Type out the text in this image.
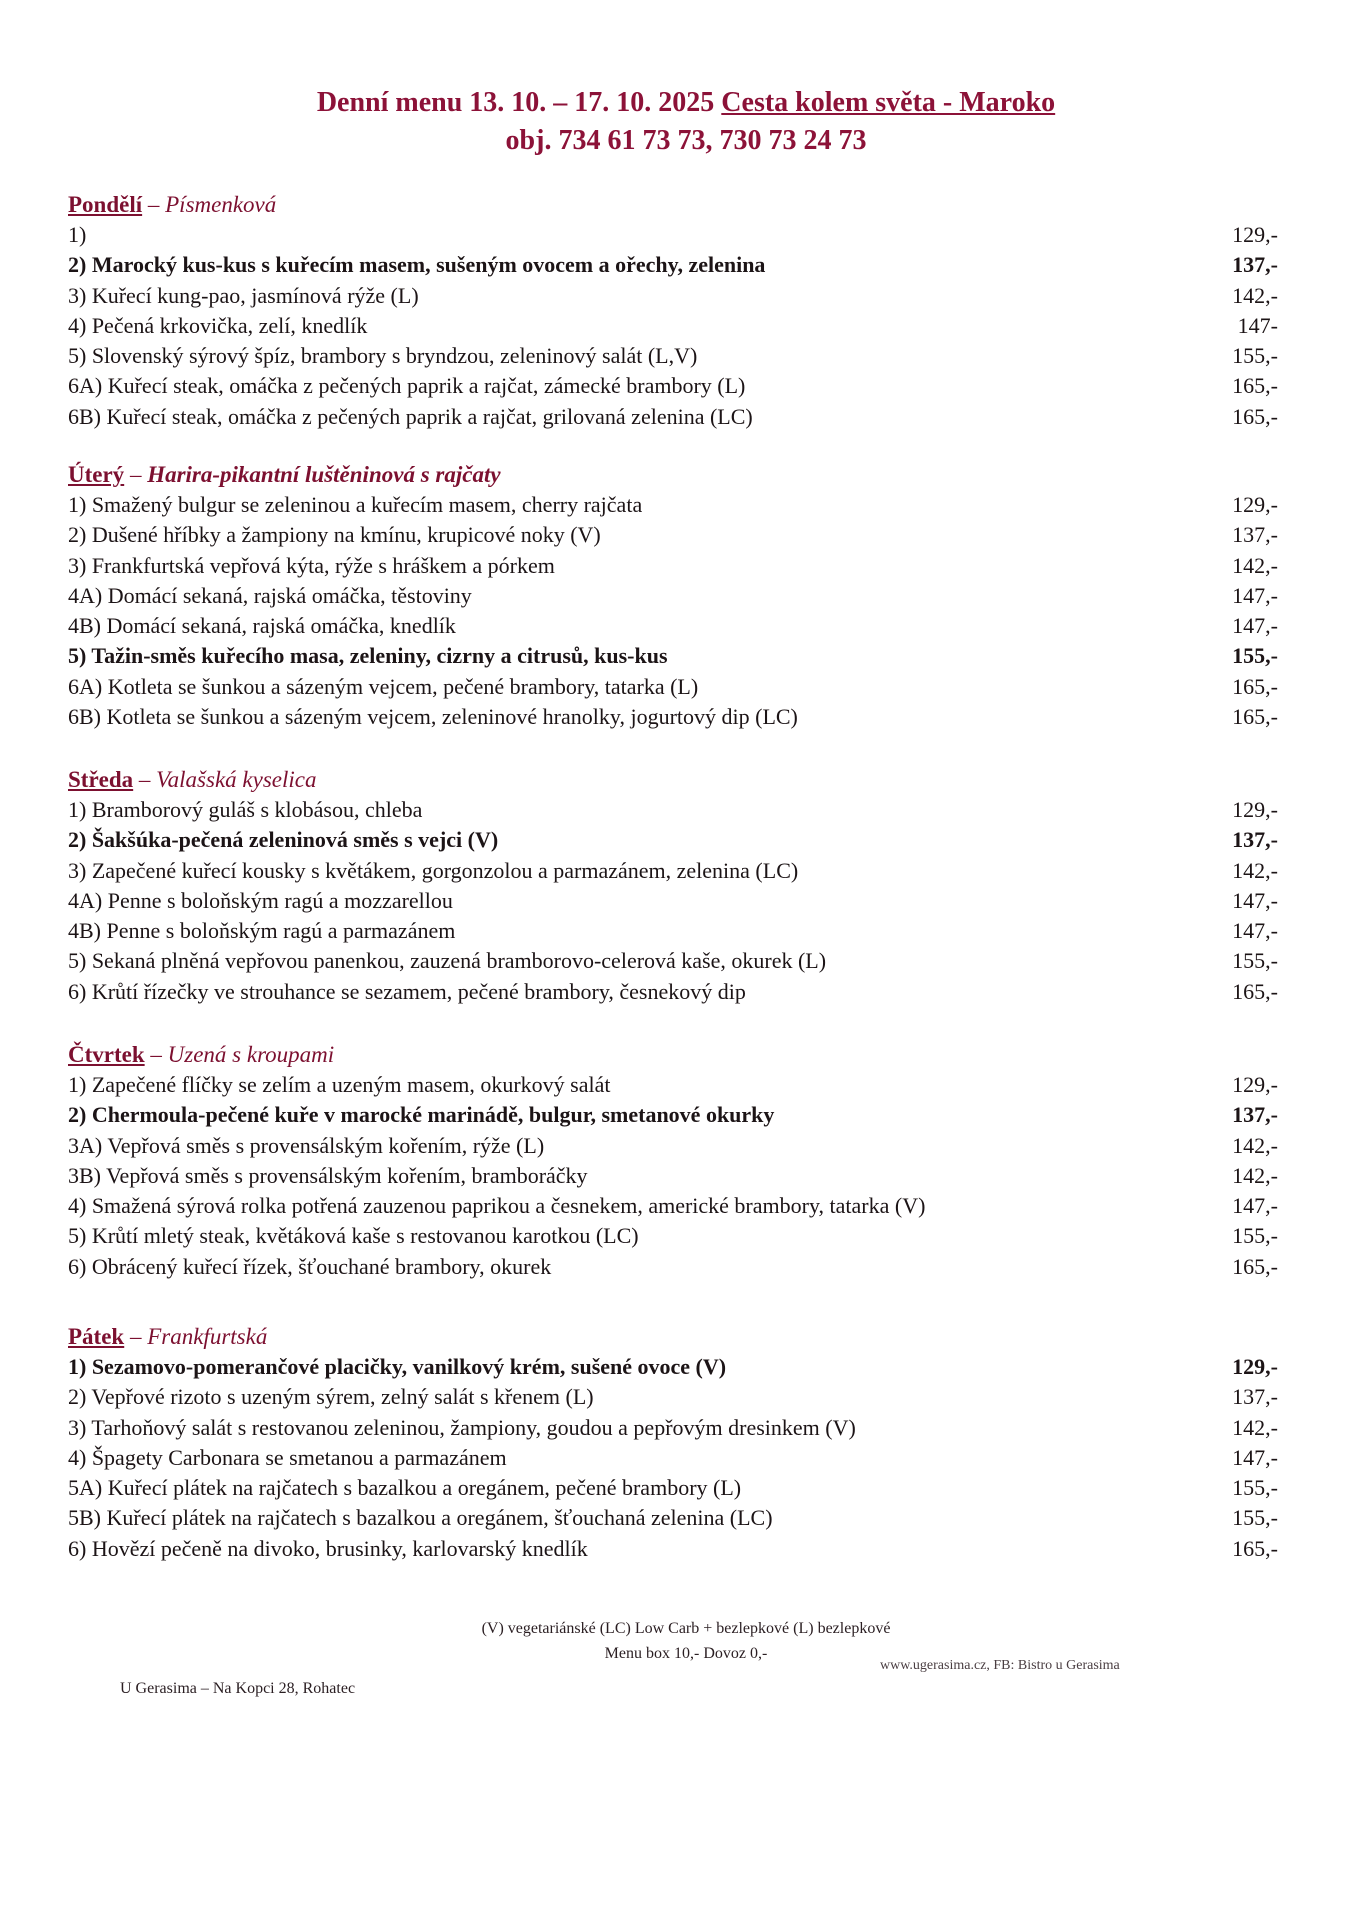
Denní menu 13. 10. – 17. 10. 2025 Cesta kolem světa - Maroko
obj. 734 61 73 73, 730 73 24 73
Pondělí – Písmenková
1)	129,-
2) Marocký kus-kus s kuřecím masem, sušeným ovocem a ořechy, zelenina	137,-
3) Kuřecí kung-pao, jasmínová rýže (L)	142,-
4) Pečená krkovička, zelí, knedlík	147-
5) Slovenský sýrový špíz, brambory s bryndzou, zeleninový salát (L,V)	155,-
6A) Kuřecí steak, omáčka z pečených paprik a rajčat, zámecké brambory (L)	165,-
6B) Kuřecí steak, omáčka z pečených paprik a rajčat, grilovaná zelenina (LC)	165,-
Úterý – Harira-pikantní luštěninová s rajčaty
1) Smažený bulgur se zeleninou a kuřecím masem, cherry rajčata	129,-
2) Dušené hříbky a žampiony na kmínu, krupicové noky (V)	137,-
3) Frankfurtská vepřová kýta, rýže s hráškem a pórkem	142,-
4A) Domácí sekaná, rajská omáčka, těstoviny	147,-
4B) Domácí sekaná, rajská omáčka, knedlík	147,-
5) Tažin-směs kuřecího masa, zeleniny, cizrny a citrusů, kus-kus	155,-
6A) Kotleta se šunkou a sázeným vejcem, pečené brambory, tatarka (L)	165,-
6B) Kotleta se šunkou a sázeným vejcem, zeleninové hranolky, jogurtový dip (LC)	165,-
Středa – Valašská kyselica
1) Bramborový guláš s klobásou, chleba	129,-
2) Šakšúka-pečená zeleninová směs s vejci (V)	137,-
3) Zapečené kuřecí kousky s květákem, gorgonzolou a parmazánem, zelenina (LC)	142,-
4A) Penne s boloňským ragú a mozzarellou	147,-
4B) Penne s boloňským ragú a parmazánem	147,-
5) Sekaná plněná vepřovou panenkou, zauzená bramborovo-celerová kaše, okurek (L)	155,-
6) Krůtí řízečky ve strouhance se sezamem, pečené brambory, česnekový dip	165,-
Čtvrtek – Uzená s kroupami
1) Zapečené flíčky se zelím a uzeným masem, okurkový salát	129,-
2) Chermoula-pečené kuře v marocké marinádě, bulgur, smetanové okurky	137,-
3A) Vepřová směs s provensálským kořením, rýže (L)	142,-
3B) Vepřová směs s provensálským kořením, bramboráčky	142,-
4) Smažená sýrová rolka potřená zauzenou paprikou a česnekem, americké brambory, tatarka (V)	147,-
5) Krůtí mletý steak, květáková kaše s restovanou karotkou (LC)	155,-
6) Obrácený kuřecí řízek, šťouchané brambory, okurek	165,-
Pátek – Frankfurtská
1) Sezamovo-pomerančové placičky, vanilkový krém, sušené ovoce (V)	129,-
2) Vepřové rizoto s uzeným sýrem, zelný salát s křenem (L)	137,-
3) Tarhoňový salát s restovanou zeleninou, žampiony, goudou a pepřovým dresinkem (V)	142,-
4) Špagety Carbonara se smetanou a parmazánem	147,-
5A) Kuřecí plátek na rajčatech s bazalkou a oregánem, pečené brambory (L)	155,-
5B) Kuřecí plátek na rajčatech s bazalkou a oregánem, šťouchaná zelenina (LC)	155,-
6) Hovězí pečeně na divoko, brusinky, karlovarský knedlík	165,-
(V) vegetariánské (LC) Low Carb + bezlepkové (L) bezlepkové
Menu box 10,- Dovoz 0,-
U Gerasima – Na Kopci 28, Rohatec
www.ugerasima.cz, FB: Bistro u Gerasima
